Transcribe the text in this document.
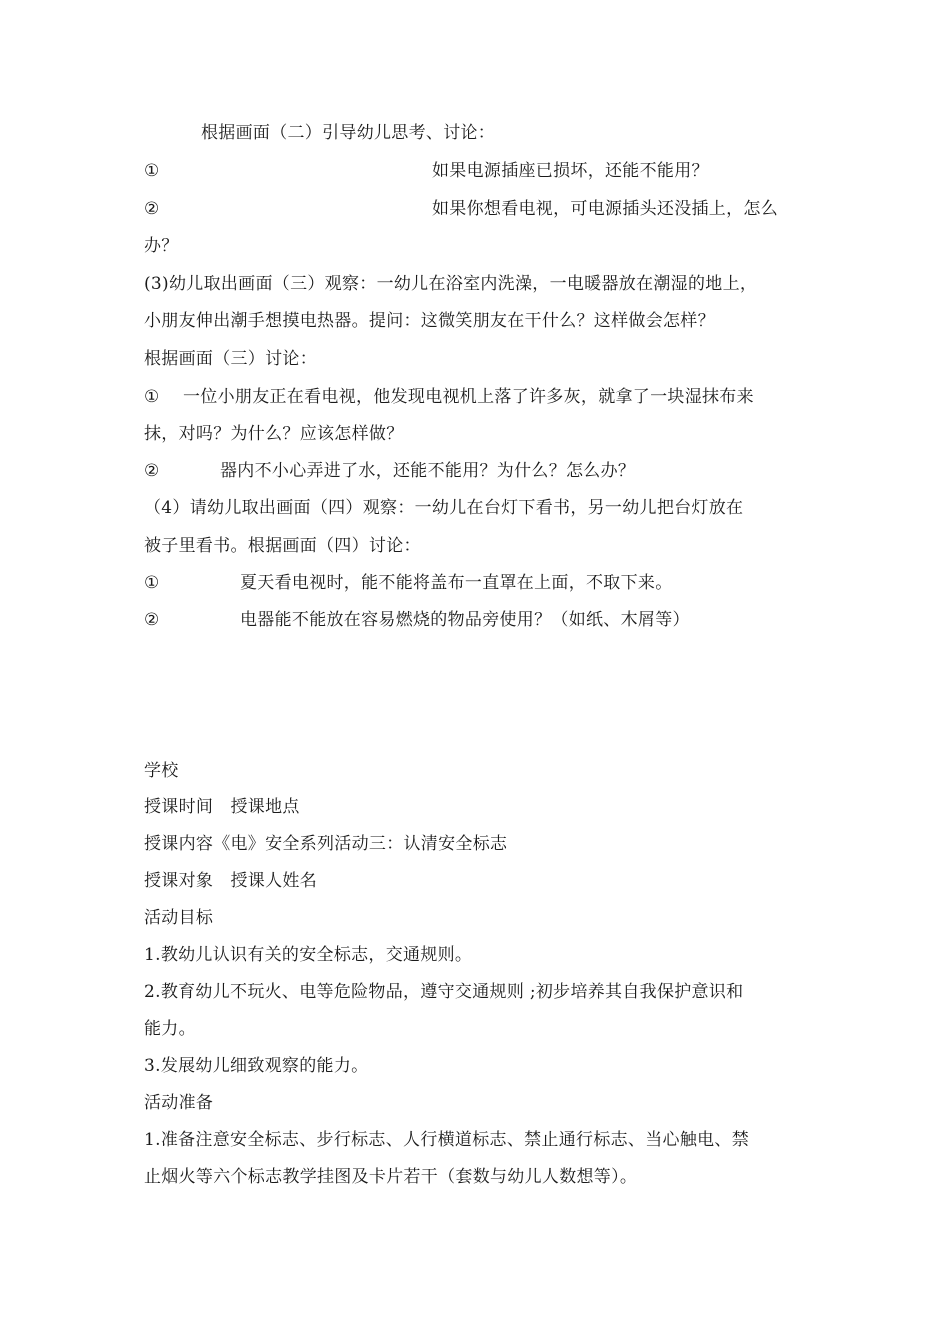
根据画面（二）引导幼儿思考、讨论：
①	如果电源插座已损坏，还能不能用？
②	如果你想看电视，可电源插头还没插上，怎么
办？
(3)幼儿取出画面（三）观察：一幼儿在浴室内洗澡，一电暖器放在潮湿的地上，
小朋友伸出潮手想摸电热器。提问：这微笑朋友在干什么？这样做会怎样？
根据画面（三）讨论：
① 一位小朋友正在看电视，他发现电视机上落了许多灰，就拿了一块湿抹布来
抹，对吗？为什么？应该怎样做？
②	器内不小心弄进了水，还能不能用？为什么？怎么办？
（4）请幼儿取出画面（四）观察：一幼儿在台灯下看书，另一幼儿把台灯放在
被子里看书。根据画面（四）讨论：
①	夏天看电视时，能不能将盖布一直罩在上面，不取下来。
②	电器能不能放在容易燃烧的物品旁使用？（如纸、木屑等）
学校
授课时间　授课地点
授课内容《电》安全系列活动三：认清安全标志
授课对象　授课人姓名
活动目标
1.教幼儿认识有关的安全标志，交通规则。
2.教育幼儿不玩火、电等危险物品，遵守交通规则 ;初步培养其自我保护意识和
能力。
3.发展幼儿细致观察的能力。
活动准备
1.准备注意安全标志、步行标志、人行横道标志、禁止通行标志、当心触电、禁
止烟火等六个标志教学挂图及卡片若干（套数与幼儿人数想等）。
